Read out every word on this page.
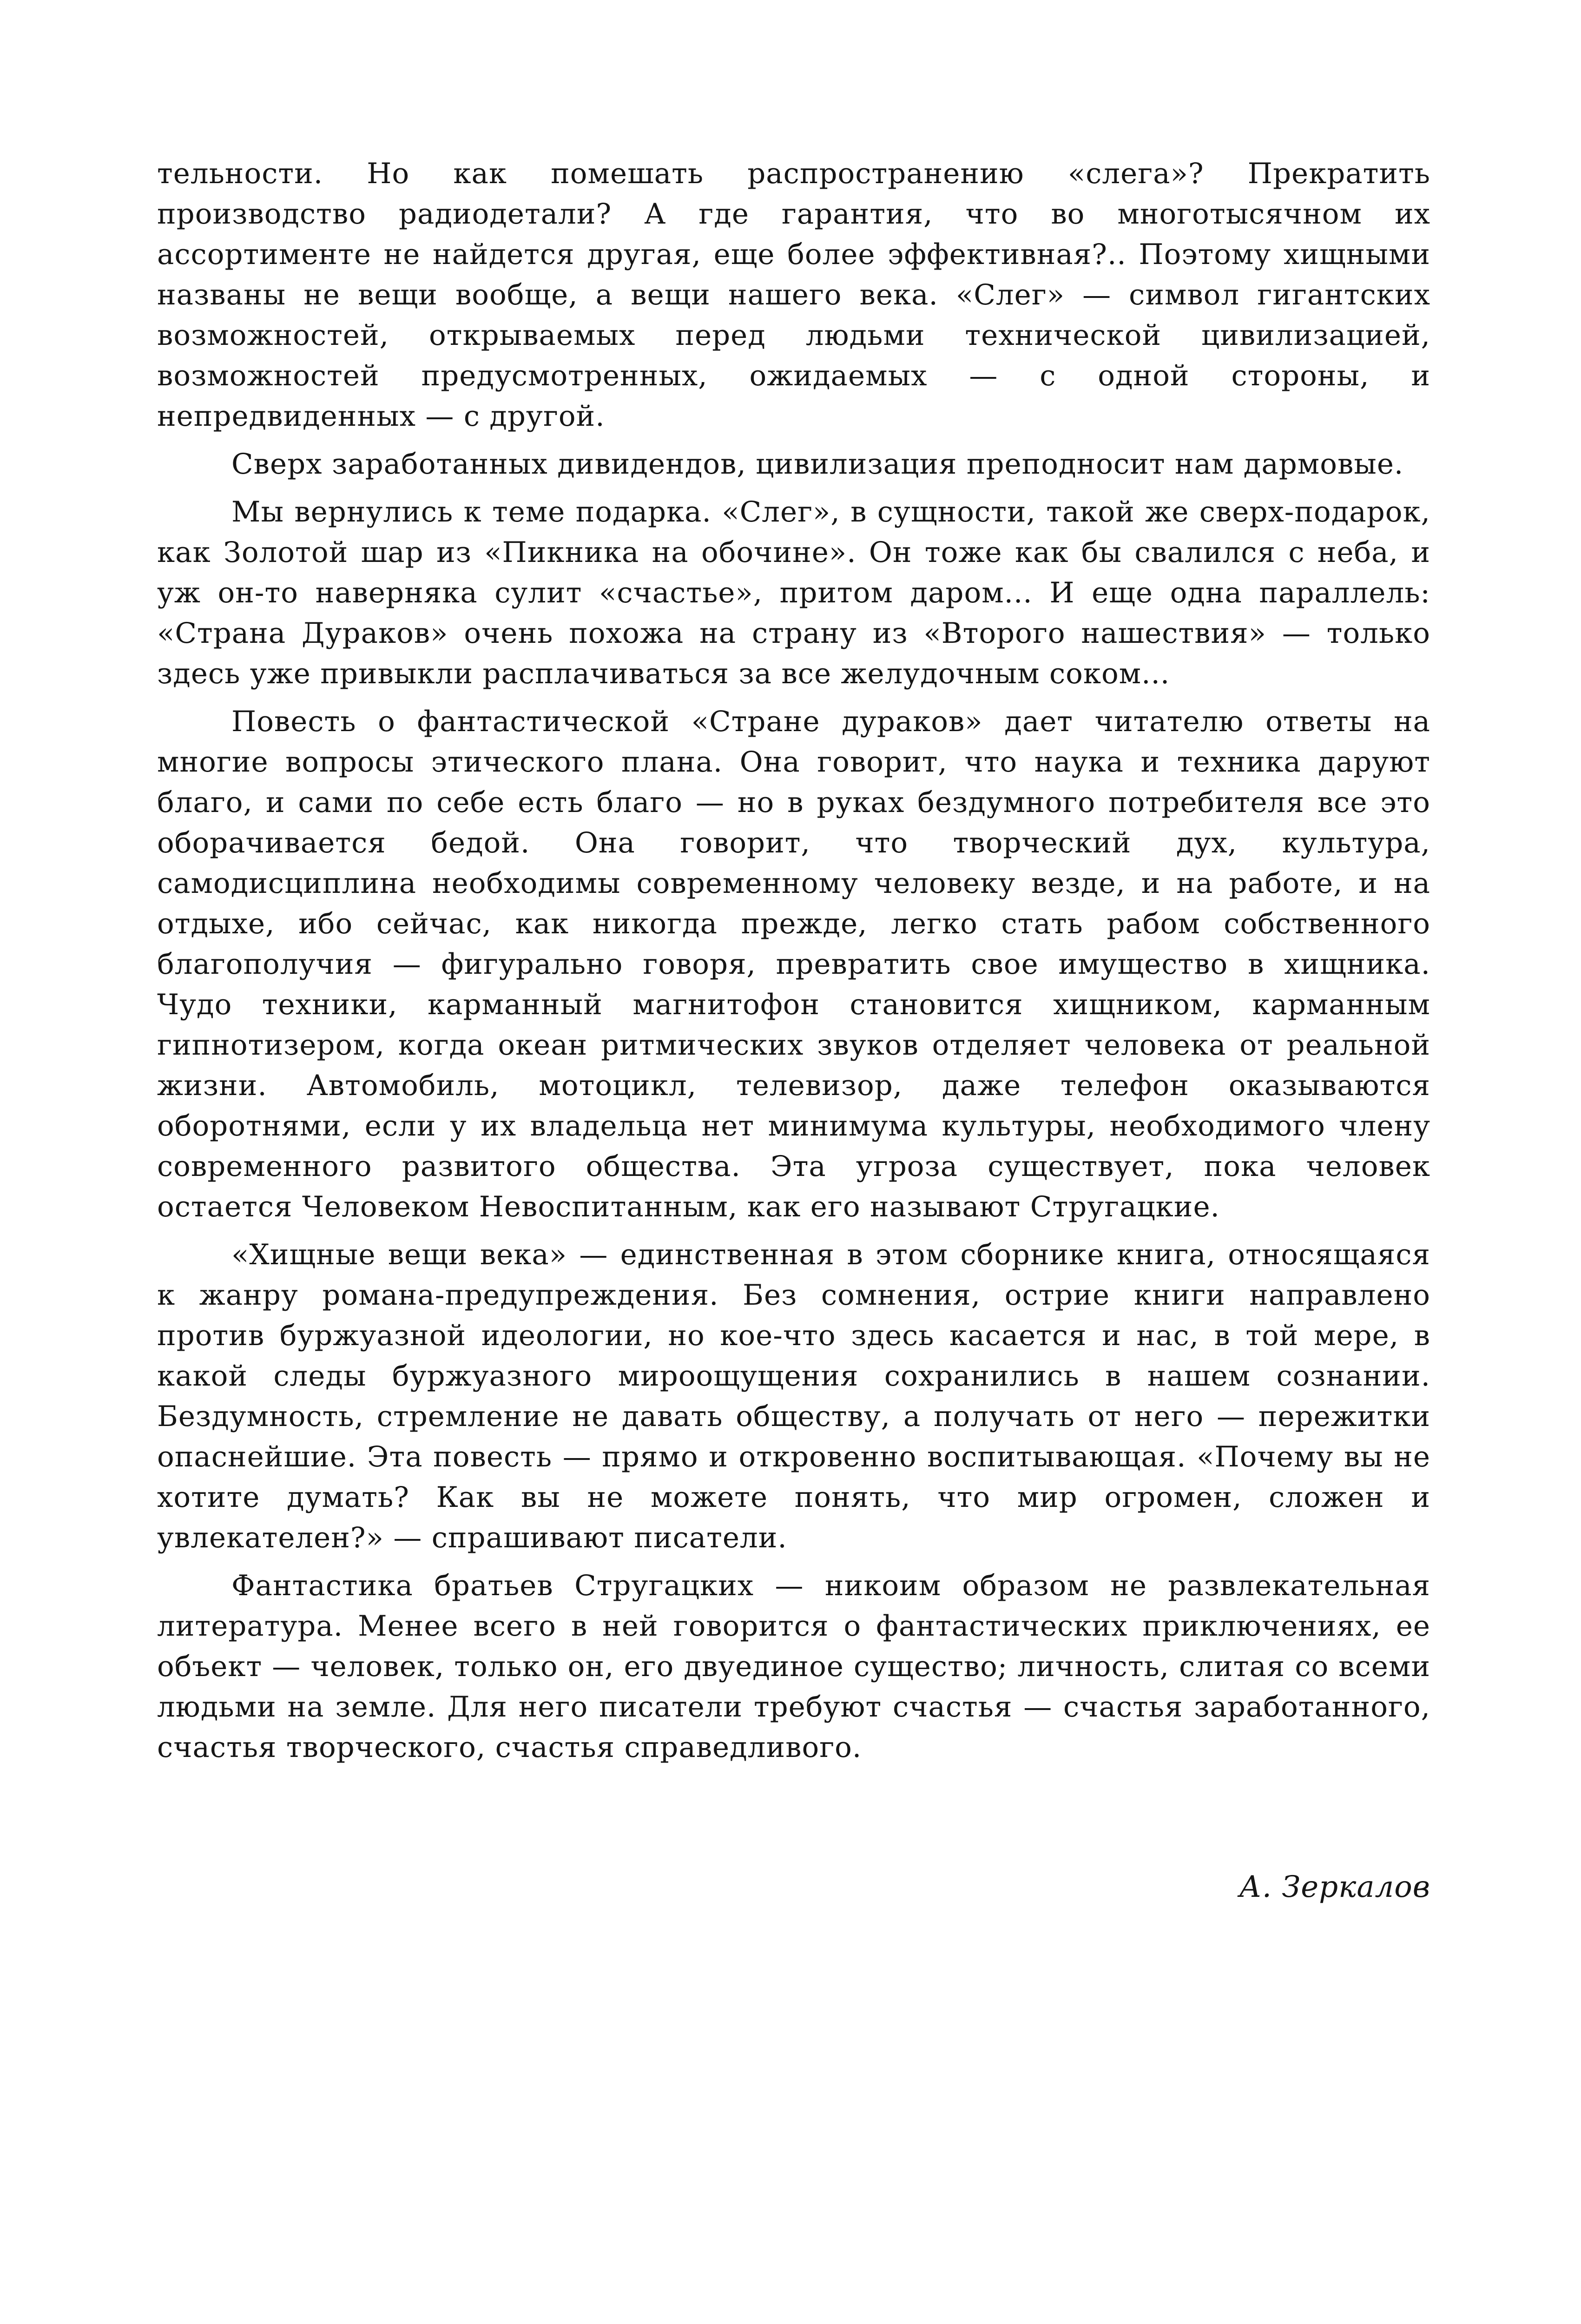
тельности. Но как помешать распространению «слега»? Прекратить производство радиодетали? А где гарантия, что во многотысячном их ассортименте не найдется другая, еще более эффективная?.. Поэтому хищными названы не вещи вообще, а вещи нашего века. «Слег» — символ гигантских возможностей, открываемых перед людьми технической цивилизацией, возможностей предусмотренных, ожидаемых — с одной стороны, и непредвиденных — с другой.

Сверх заработанных дивидендов, цивилизация преподносит нам дармовые.

Мы вернулись к теме подарка. «Слег», в сущности, такой же сверх-подарок, как Золотой шар из «Пикника на обочине». Он тоже как бы свалился с неба, и уж он-то наверняка сулит «счастье», притом даром... И еще одна параллель: «Страна Дураков» очень похожа на страну из «Второго нашествия» — только здесь уже привыкли расплачиваться за все желудочным соком...

Повесть о фантастической «Стране дураков» дает читателю ответы на многие вопросы этического плана. Она говорит, что наука и техника даруют благо, и сами по себе есть благо — но в руках бездумного потребителя все это оборачивается бедой. Она говорит, что творческий дух, культура, самодисциплина необходимы современному человеку везде, и на работе, и на отдыхе, ибо сейчас, как никогда прежде, легко стать рабом собственного благополучия — фигурально говоря, превратить свое имущество в хищника. Чудо техники, карманный магнитофон становится хищником, карманным гипнотизером, когда океан ритмических звуков отделяет человека от реальной жизни. Автомобиль, мотоцикл, телевизор, даже телефон оказываются оборотнями, если у их владельца нет минимума культуры, необходимого члену современного развитого общества. Эта угроза существует, пока человек остается Человеком Невоспитанным, как его называют Стругацкие.

«Хищные вещи века» — единственная в этом сборнике книга, относящаяся к жанру романа-предупреждения. Без сомнения, острие книги направлено против буржуазной идеологии, но кое-что здесь касается и нас, в той мере, в какой следы буржуазного мироощущения сохранились в нашем сознании. Бездумность, стремление не давать обществу, а получать от него — пережитки опаснейшие. Эта повесть — прямо и откровенно воспитывающая. «Почему вы не хотите думать? Как вы не можете понять, что мир огромен, сложен и увлекателен?» — спрашивают писатели.

Фантастика братьев Стругацких — никоим образом не развлекательная литература. Менее всего в ней говорится о фантастических приключениях, ее объект — человек, только он, его двуединое существо; личность, слитая со всеми людьми на земле. Для него писатели требуют счастья — счастья заработанного, счастья творческого, счастья справедливого.

А. Зеркалов
